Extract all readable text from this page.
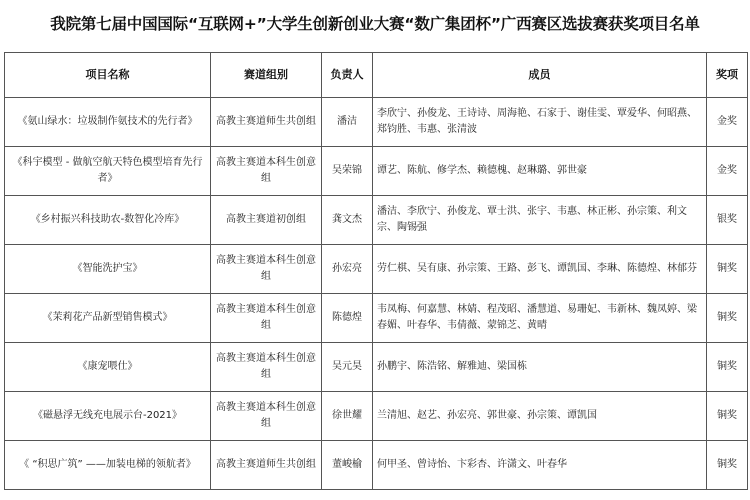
我院第七届中国国际“互联网+”大学生创新创业大赛“数广集团杯”广西赛区选拔赛获奖项目名单
项目名称	赛道组别	负责人	成员	奖项
《氨山绿水：垃圾制作氨技术的先行者》	高教主赛道师生共创组	潘洁	李欣宁、孙俊龙、王诗诗、周海艳、石家于、谢佳雯、覃爱华、何昭燕、郑钧胜、韦惠、张清波	金奖
《科宇模型 - 做航空航天特色模型培育先行者》	高教主赛道本科生创意组	吴荣锦	谭艺、陈航、修学杰、赖德槐、赵琳璐、郭世豪	金奖
《乡村振兴科技助农-数智化冷库》	高教主赛道初创组	龚文杰	潘洁、李欣宁、孙俊龙、覃士洪、张宇、韦惠、林正彬、孙宗策、利文宗、陶锡强	银奖
《智能洗护宝》	高教主赛道本科生创意组	孙宏亮	劳仁棋、吴有康、孙宗策、王路、彭飞、谭凯国、李琳、陈德煌、林郁芬	铜奖
《茉莉花产品新型销售模式》	高教主赛道本科生创意组	陈德煌	韦凤梅、何嘉慧、林婧、程茂昭、潘慧道、易珊妃、韦新林、魏凤婷、梁春媚、叶春华、韦倩薇、蒙锦芝、黄晴	铜奖
《康宠喂仕》	高教主赛道本科生创意组	吴元昊	孙鹏宇、陈浩铭、解雅迪、梁国栋	铜奖
《磁悬浮无线充电展示台-2021》	高教主赛道本科生创意组	徐世耀	兰清旭、赵艺、孙宏亮、郭世豪、孙宗策、谭凯国	铜奖
《 “积思广筑” ——加装电梯的领航者》	高教主赛道师生共创组	董峻榆	何甲圣、曾诗怡、卞彩杏、许潇文、叶春华	铜奖
